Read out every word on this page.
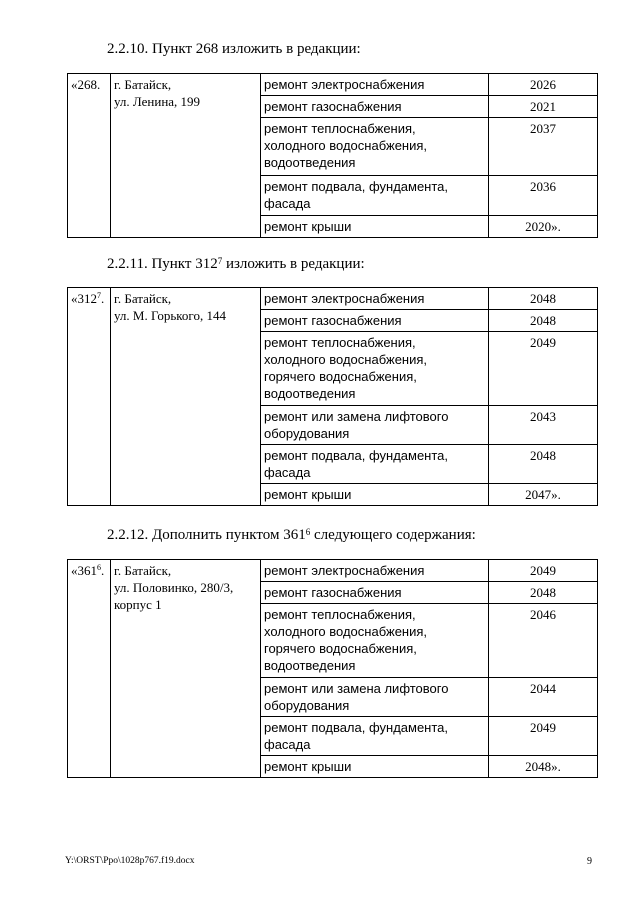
2.2.10. Пункт 268 изложить в редакции:
«268.	г. Батайск,
ул. Ленина, 199	ремонт электроснабжения	2026

		ремонт газоснабжения	2021

		ремонт теплоснабжения,
холодного водоснабжения,
водоотведения	2037

		ремонт подвала, фундамента,
фасада	2036

		ремонт крыши	2020».
2.2.11. Пункт $312^7$ изложить в редакции:
«$312^7$.	г. Батайск,
ул. М. Горького, 144	ремонт электроснабжения	2048

		ремонт газоснабжения	2048

		ремонт теплоснабжения,
холодного водоснабжения,
горячего водоснабжения,
водоотведения	2049

		ремонт или замена лифтового
оборудования	2043

		ремонт подвала, фундамента,
фасада	2048

		ремонт крыши	2047».
2.2.12. Дополнить пунктом $361^6$ следующего содержания:
«$361^6$.	г. Батайск,
ул. Половинко, 280/3,
корпус 1	ремонт электроснабжения	2049

		ремонт газоснабжения	2048

		ремонт теплоснабжения,
холодного водоснабжения,
горячего водоснабжения,
водоотведения	2046

		ремонт или замена лифтового
оборудования	2044

		ремонт подвала, фундамента,
фасада	2049

		ремонт крыши	2048».
Y:\ORST\Ppo\1028p767.f19.docx	9
